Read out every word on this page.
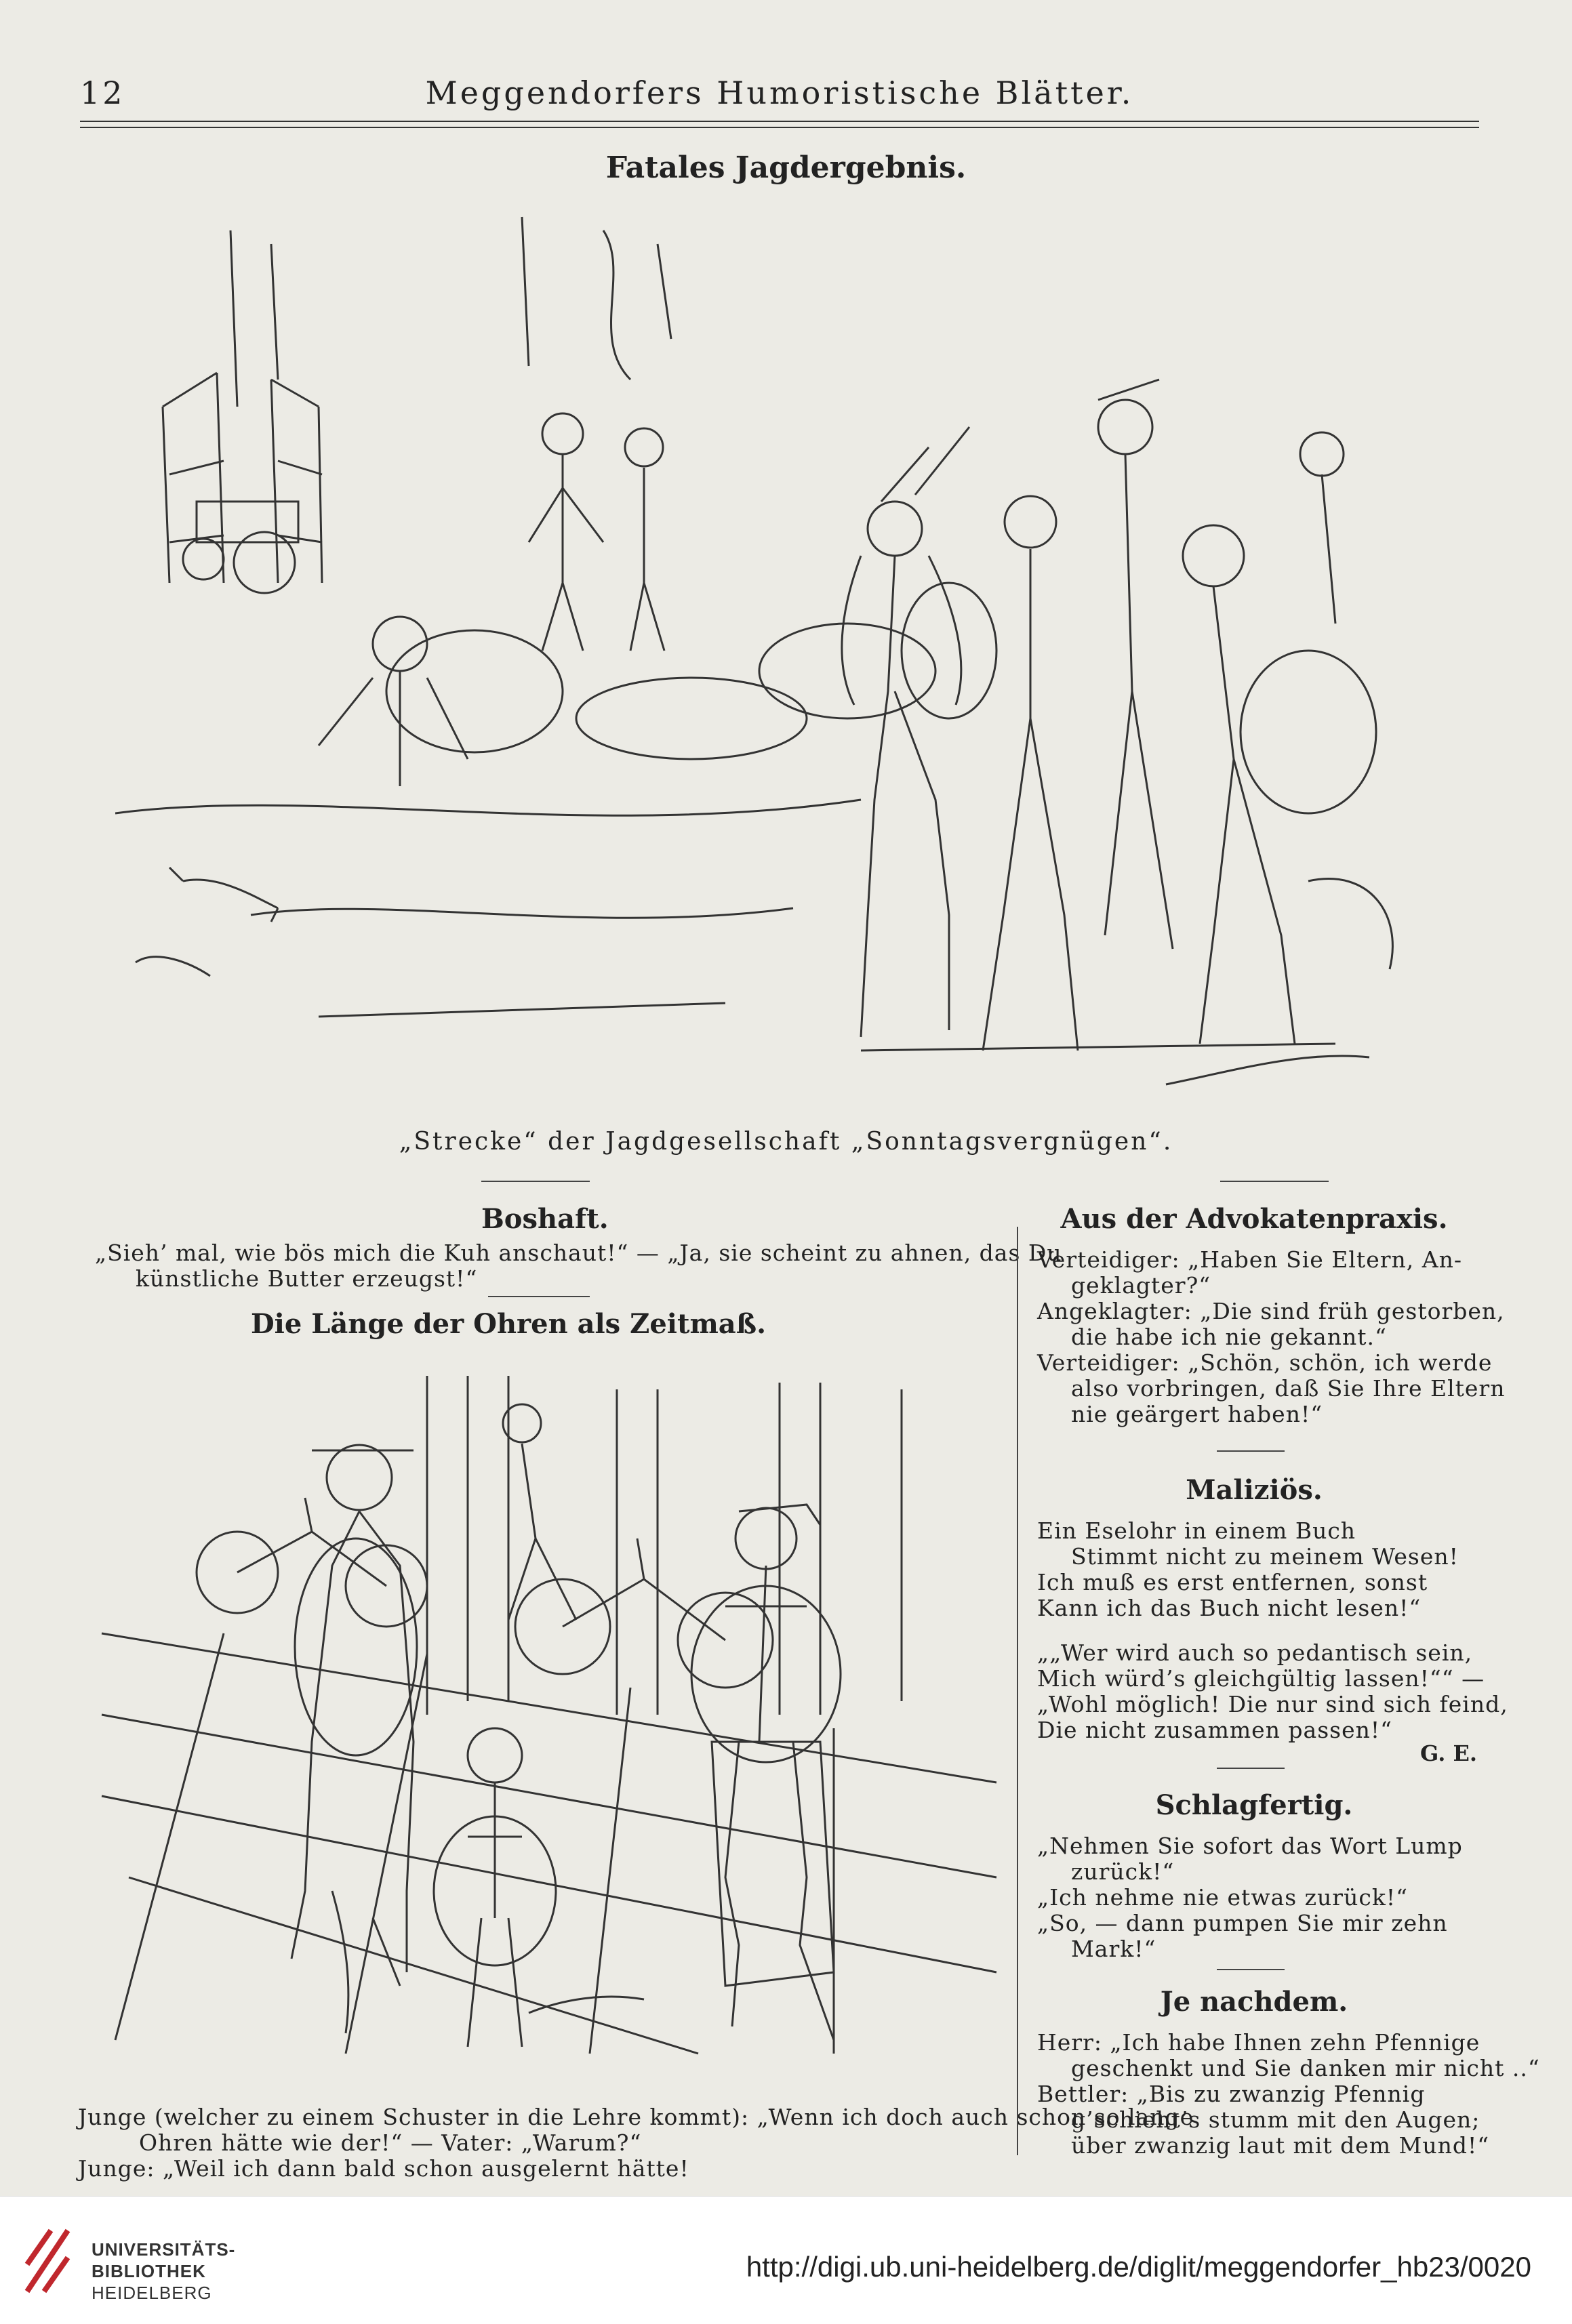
12	Meggendorfers Humoristische Blätter.
Fatales Jagdergebnis.
„Strecke“ der Jagdgesellschaft „Sonntagsvergnügen“.
Boshaft.
„Sieh’ mal, wie bös mich die Kuh anschaut!“ — „Ja, sie scheint zu ahnen, das Du
künstliche Butter erzeugst!“
Die Länge der Ohren als Zeitmaß.
Junge (welcher zu einem Schuster in die Lehre kommt): „Wenn ich doch auch schon so lange
Ohren hätte wie der!“ — Vater: „Warum?“
Junge: „Weil ich dann bald schon ausgelernt hätte!
Aus der Advokatenpraxis.
Verteidiger: „Haben Sie Eltern, An-
geklagter?“
Angeklagter: „Die sind früh gestorben,
die habe ich nie gekannt.“
Verteidiger: „Schön, schön, ich werde
also vorbringen, daß Sie Ihre Eltern
nie geärgert haben!“
Maliziös.
Ein Eselohr in einem Buch
Stimmt nicht zu meinem Wesen!
Ich muß es erst entfernen, sonst
Kann ich das Buch nicht lesen!“
„„Wer wird auch so pedantisch sein,
Mich würd’s gleichgültig lassen!““ —
„Wohl möglich! Die nur sind sich feind,
Die nicht zusammen passen!“
G. E.
Schlagfertig.
„Nehmen Sie sofort das Wort Lump
zurück!“
„Ich nehme nie etwas zurück!“
„So, — dann pumpen Sie mir zehn
Mark!“
Je nachdem.
Herr: „Ich habe Ihnen zehn Pfennige
geschenkt und Sie danken mir nicht ..“
Bettler: „Bis zu zwanzig Pfennig
g’schieht’s stumm mit den Augen;
über zwanzig laut mit dem Mund!“
UNIVERSITÄTS-
BIBLIOTHEK
HEIDELBERG
http://digi.ub.uni-heidelberg.de/diglit/meggendorfer_hb23/0020
